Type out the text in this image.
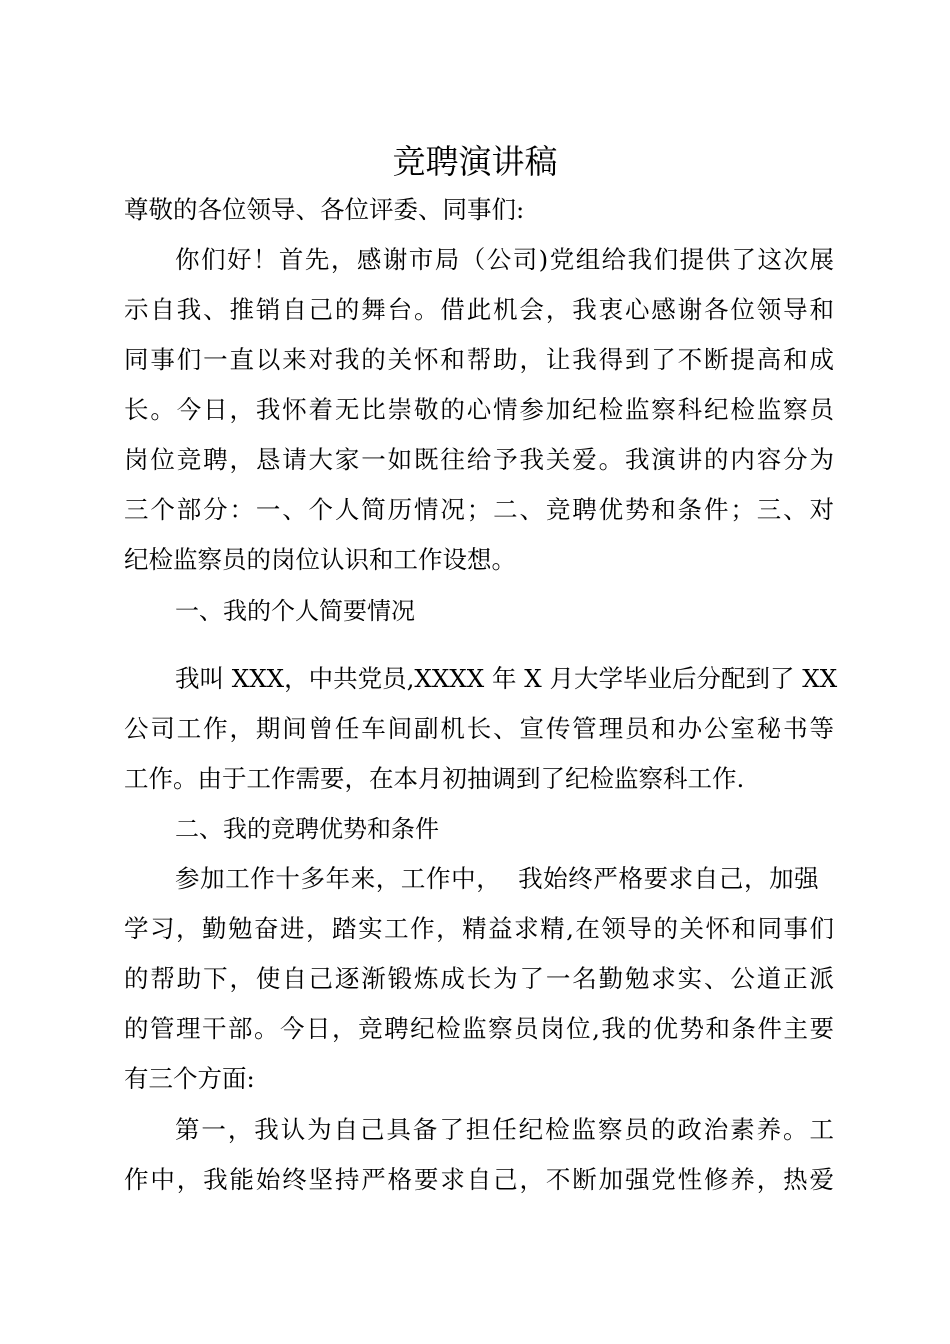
竞聘演讲稿
尊敬的各位领导、各位评委、同事们:
你们好！首先，感谢市局（公司)党组给我们提供了这次展
示自我、推销自己的舞台。借此机会，我衷心感谢各位领导和
同事们一直以来对我的关怀和帮助，让我得到了不断提高和成
长。今日，我怀着无比崇敬的心情参加纪检监察科纪检监察员
岗位竞聘，恳请大家一如既往给予我关爱。我演讲的内容分为
三个部分：一、个人简历情况；二、竞聘优势和条件；三、对
纪检监察员的岗位认识和工作设想。
一、我的个人简要情况
我叫 XXX，中共党员,XXXX 年 X 月大学毕业后分配到了 XX
公司工作，期间曾任车间副机长、宣传管理员和办公室秘书等
工作。由于工作需要，在本月初抽调到了纪检监察科工作.
二、我的竞聘优势和条件
参加工作十多年来，工作中，  我始终严格要求自己，加强
学习，勤勉奋进，踏实工作，精益求精,在领导的关怀和同事们
的帮助下，使自己逐渐锻炼成长为了一名勤勉求实、公道正派
的管理干部。今日，竞聘纪检监察员岗位,我的优势和条件主要
有三个方面:
第一，我认为自己具备了担任纪检监察员的政治素养。工
作中，我能始终坚持严格要求自己，不断加强党性修养，热爱
